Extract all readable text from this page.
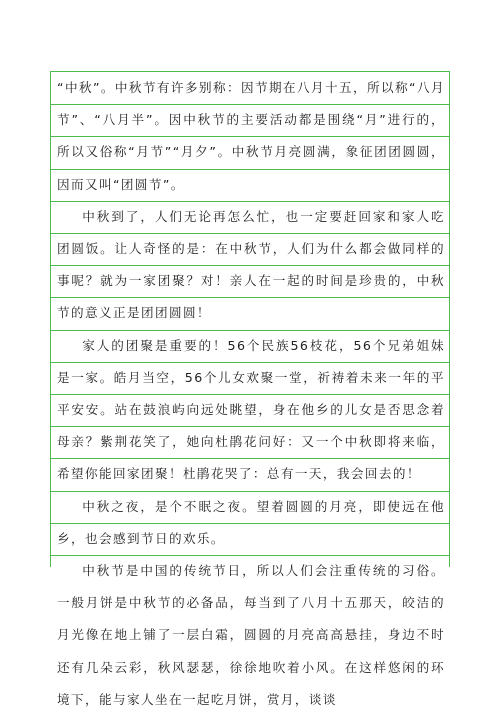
“中秋”。中秋节有许多别称：因节期在八月十五，所以称“八月节”、“八月半”。因中秋节的主要活动都是围绕“月”进行的，所以又俗称“月节”“月夕”。中秋节月亮圆满，象征团团圆圆，因而又叫“团圆节”。

中秋到了，人们无论再怎么忙，也一定要赶回家和家人吃团圆饭。让人奇怪的是：在中秋节，人们为什么都会做同样的事呢？就为一家团聚？对！亲人在一起的时间是珍贵的，中秋节的意义正是团团圆圆！

家人的团聚是重要的！56个民族56枝花，56个兄弟姐妹是一家。皓月当空，56个儿女欢聚一堂，祈祷着未来一年的平平安安。站在鼓浪屿向远处眺望，身在他乡的儿女是否思念着母亲？紫荆花笑了，她向杜鹃花问好：又一个中秋即将来临，希望你能回家团聚！杜鹃花哭了：总有一天，我会回去的！

中秋之夜，是个不眠之夜。望着圆圆的月亮，即使远在他乡，也会感到节日的欢乐。

中秋节是中国的传统节日，所以人们会注重传统的习俗。一般月饼是中秋节的必备品，每当到了八月十五那天，皎洁的月光像在地上铺了一层白霜，圆圆的月亮高高悬挂，身边不时还有几朵云彩，秋风瑟瑟，徐徐地吹着小风。在这样悠闲的环境下，能与家人坐在一起吃月饼，赏月，谈谈
